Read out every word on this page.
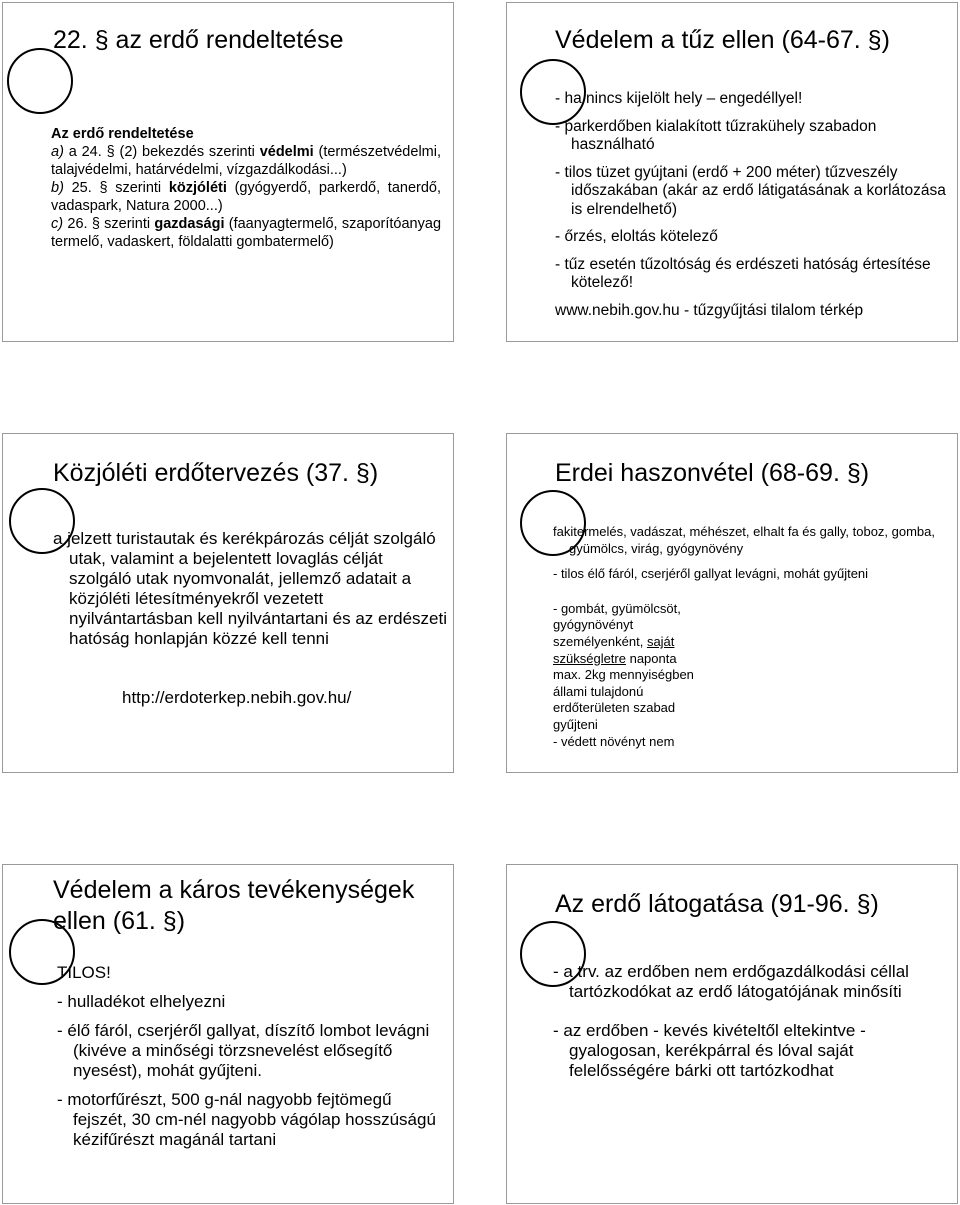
22. § az erdő rendeltetése

Az erdő rendeltetése

a) a 24. § (2) bekezdés szerinti védelmi (természetvédelmi, talajvédelmi, határvédelmi, vízgazdálkodási...)

b) 25. § szerinti közjóléti (gyógyerdő, parkerdő, tanerdő, vadaspark, Natura 2000...)

c) 26. § szerinti gazdasági (faanyagtermelő, szaporítóanyag termelő, vadaskert, földalatti gombatermelő)

Védelem a tűz ellen (64-67. §)

- ha nincs kijelölt hely – engedéllyel!

- parkerdőben kialakított tűzrakühely szabadon használható

- tilos tüzet gyújtani (erdő + 200 méter) tűzveszély időszakában (akár az erdő látigatásának a korlátozása is elrendelhető)

- őrzés, eloltás kötelező

- tűz esetén tűzoltóság és erdészeti hatóság értesítése kötelező!

www.nebih.gov.hu - tűzgyűjtási tilalom térkép

Közjóléti erdőtervezés (37. §)

a jelzett turistautak és kerékpározás célját szolgáló utak, valamint a bejelentett lovaglás célját szolgáló utak nyomvonalát, jellemző adatait a közjóléti létesítményekről vezetett nyilvántartásban kell nyilvántartani és az erdészeti hatóság honlapján közzé kell tenni

http://erdoterkep.nebih.gov.hu/

Erdei haszonvétel (68-69. §)

fakitermelés, vadászat, méhészet, elhalt fa és gally, toboz, gomba, gyümölcs, virág, gyógynövény

- tilos élő fáról, cserjéről gallyat levágni, mohát gyűjteni

- gombát, gyümölcsöt,

gyógynövényt

személyenként, saját

szükségletre naponta

max. 2kg mennyiségben

állami tulajdonú

erdőterületen szabad

gyűjteni

- védett növényt nem

Védelem a káros tevékenységek ellen (61. §)

TILOS!

- hulladékot elhelyezni

- élő fáról, cserjéről gallyat, díszítő lombot levágni (kivéve a minőségi törzsnevelést elősegítő nyesést), mohát gyűjteni.

- motorfűrészt, 500 g-nál nagyobb fejtömegű fejszét, 30 cm-nél nagyobb vágólap hosszúságú kézifűrészt magánál tartani

Az erdő látogatása (91-96. §)

- a trv. az erdőben nem erdőgazdálkodási céllal tartózkodókat az erdő látogatójának minősíti

- az erdőben - kevés kivételtől eltekintve - gyalogosan, kerékpárral és lóval saját felelősségére bárki ott tartózkodhat
